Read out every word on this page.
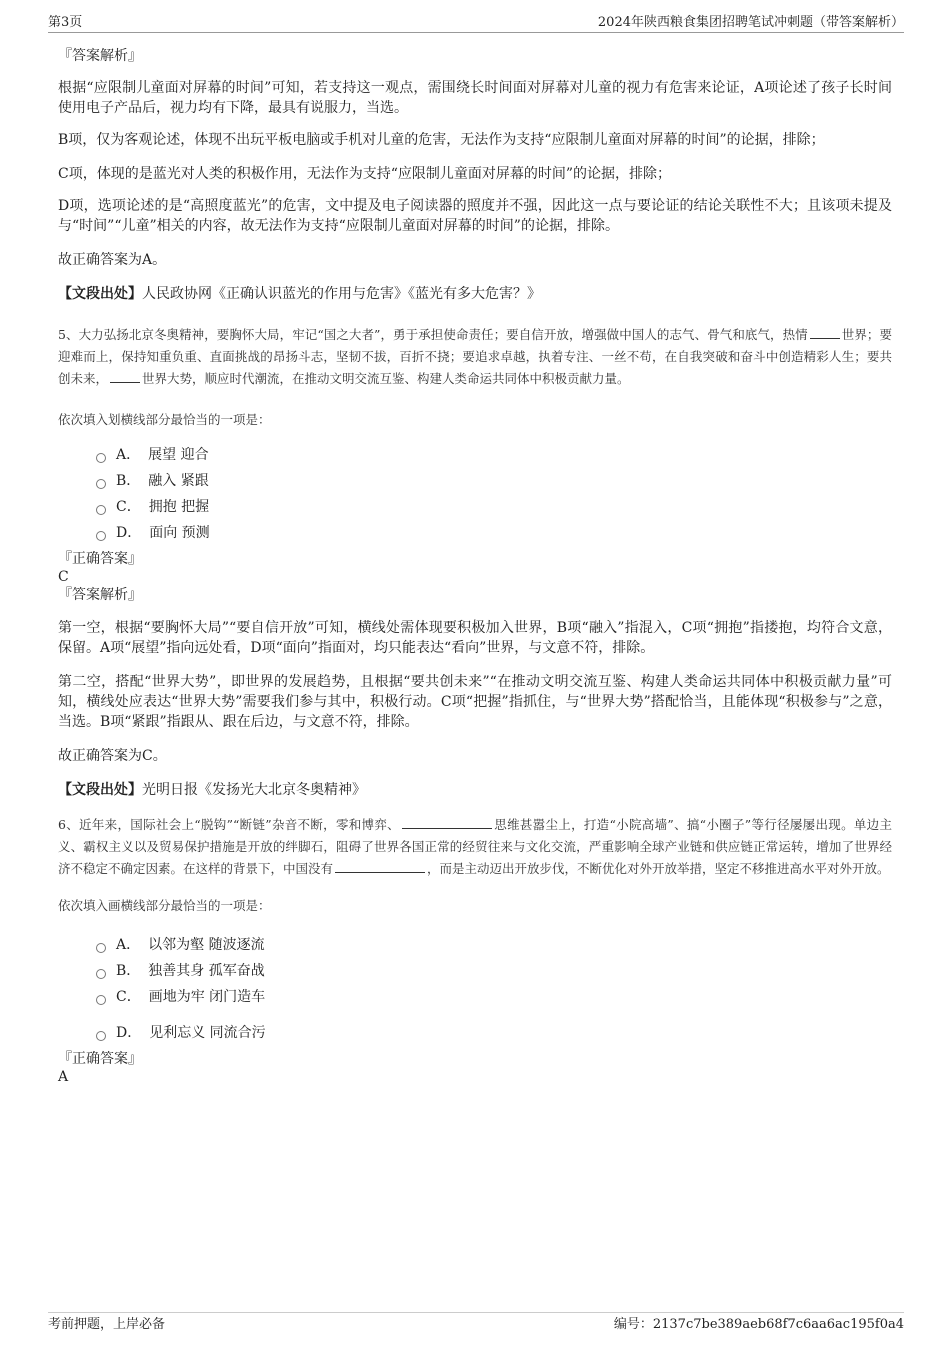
第3页	2024年陕西粮食集团招聘笔试冲刺题（带答案解析）

『答案解析』

根据“应限制儿童面对屏幕的时间”可知，若支持这一观点，需围绕长时间面对屏幕对儿童的视力有危害来论证，A项论述了孩子长时间使用电子产品后，视力均有下降，最具有说服力，当选。

B项，仅为客观论述，体现不出玩平板电脑或手机对儿童的危害，无法作为支持“应限制儿童面对屏幕的时间”的论据，排除；

C项，体现的是蓝光对人类的积极作用，无法作为支持“应限制儿童面对屏幕的时间”的论据，排除；

D项，选项论述的是“高照度蓝光”的危害，文中提及电子阅读器的照度并不强，因此这一点与要论证的结论关联性不大；且该项未提及与“时间”“儿童”相关的内容，故无法作为支持“应限制儿童面对屏幕的时间”的论据，排除。

故正确答案为A。

【文段出处】人民政协网《正确认识蓝光的作用与危害》《蓝光有多大危害？》

5、大力弘扬北京冬奥精神，要胸怀大局，牢记“国之大者”，勇于承担使命责任；要自信开放，增强做中国人的志气、骨气和底气，热情	世界；要迎难而上，保持知重负重、直面挑战的昂扬斗志，坚韧不拔，百折不挠；要追求卓越，执着专注、一丝不苟，在自我突破和奋斗中创造精彩人生；要共创未来，	世界大势，顺应时代潮流，在推动文明交流互鉴、构建人类命运共同体中积极贡献力量。

依次填入划横线部分最恰当的一项是：

A． 展望 迎合
B． 融入 紧跟
C． 拥抱 把握
D． 面向 预测

『正确答案』

C

『答案解析』

第一空，根据“要胸怀大局”“要自信开放”可知，横线处需体现要积极加入世界，B项“融入”指混入，C项“拥抱”指搂抱，均符合文意，保留。A项“展望”指向远处看，D项“面向”指面对，均只能表达“看向”世界，与文意不符，排除。

第二空，搭配“世界大势”，即世界的发展趋势，且根据“要共创未来”“在推动文明交流互鉴、构建人类命运共同体中积极贡献力量”可知，横线处应表达“世界大势”需要我们参与其中，积极行动。C项“把握”指抓住，与“世界大势”搭配恰当，且能体现“积极参与”之意，当选。B项“紧跟”指跟从、跟在后边，与文意不符，排除。

故正确答案为C。

【文段出处】光明日报《发扬光大北京冬奥精神》

6、近年来，国际社会上“脱钩”“断链”杂音不断，零和博弈、	思维甚嚣尘上，打造“小院高墙”、搞“小圈子”等行径屡屡出现。单边主义、霸权主义以及贸易保护措施是开放的绊脚石，阻碍了世界各国正常的经贸往来与文化交流，严重影响全球产业链和供应链正常运转，增加了世界经济不稳定不确定因素。在这样的背景下，中国没有	，而是主动迈出开放步伐，不断优化对外开放举措，坚定不移推进高水平对外开放。

依次填入画横线部分最恰当的一项是：

A． 以邻为壑 随波逐流
B． 独善其身 孤军奋战
C． 画地为牢 闭门造车
D． 见利忘义 同流合污

『正确答案』

A

考前押题，上岸必备	编号：2137c7be389aeb68f7c6aa6ac195f0a4
